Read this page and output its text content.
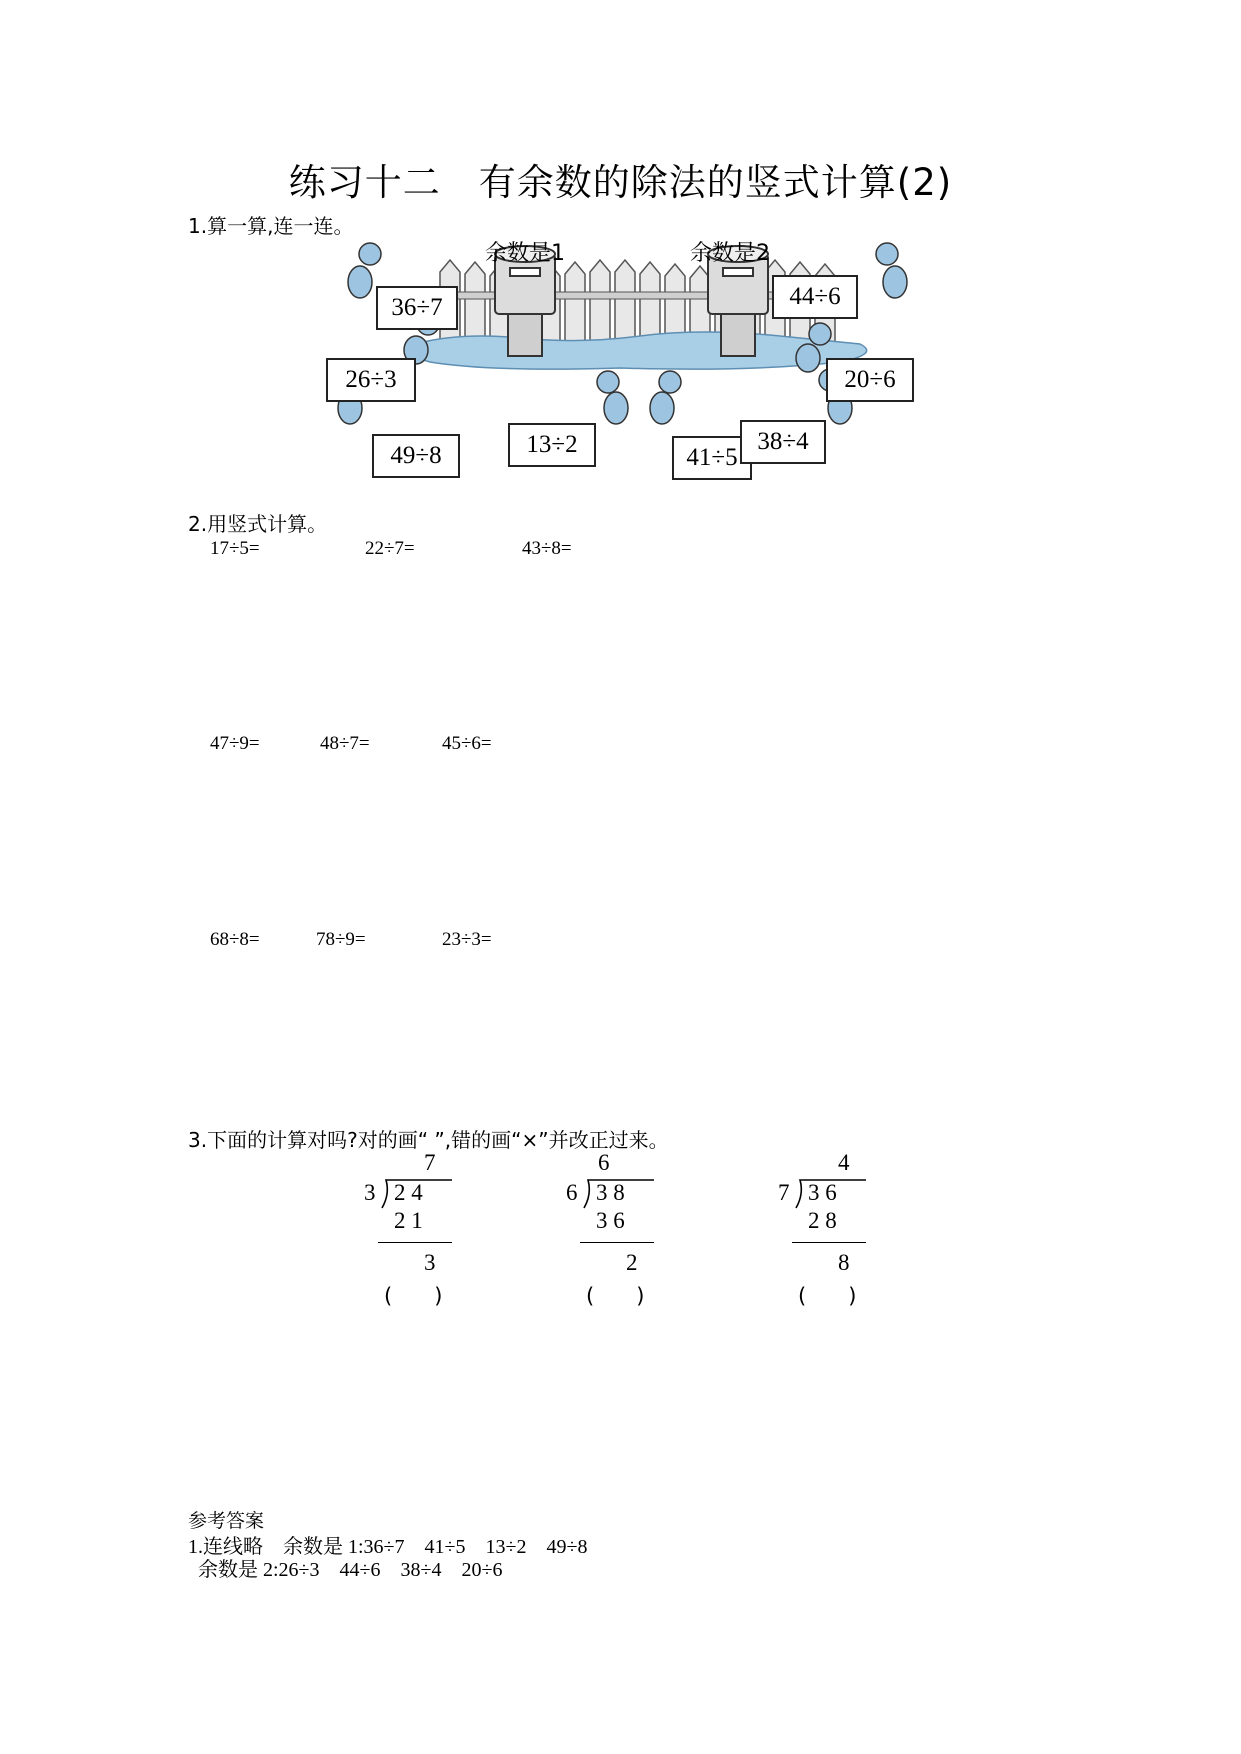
练习十二　有余数的除法的竖式计算(2)
1.算一算,连一连。
余数是1	余数是2
36÷7	44÷6
26÷3	20÷6
49÷8	13÷2	41÷5
38÷4
2.用竖式计算。
17÷5=	22÷7=	43÷8=
47÷9=	48÷7=	45÷6=
68÷8=	78÷9=	23÷3=
3.下面的计算对吗?对的画“ ”,错的画“×”并改正过来。
7
3 2 4
2 1
3
(　　)
6
6 3 8
3 6
2
(　　)
4
7 3 6
2 8
8
(　　)
参考答案
1.连线略　余数是 1:36÷7　41÷5　13÷2　49÷8
余数是 2:26÷3　44÷6　38÷4　20÷6
